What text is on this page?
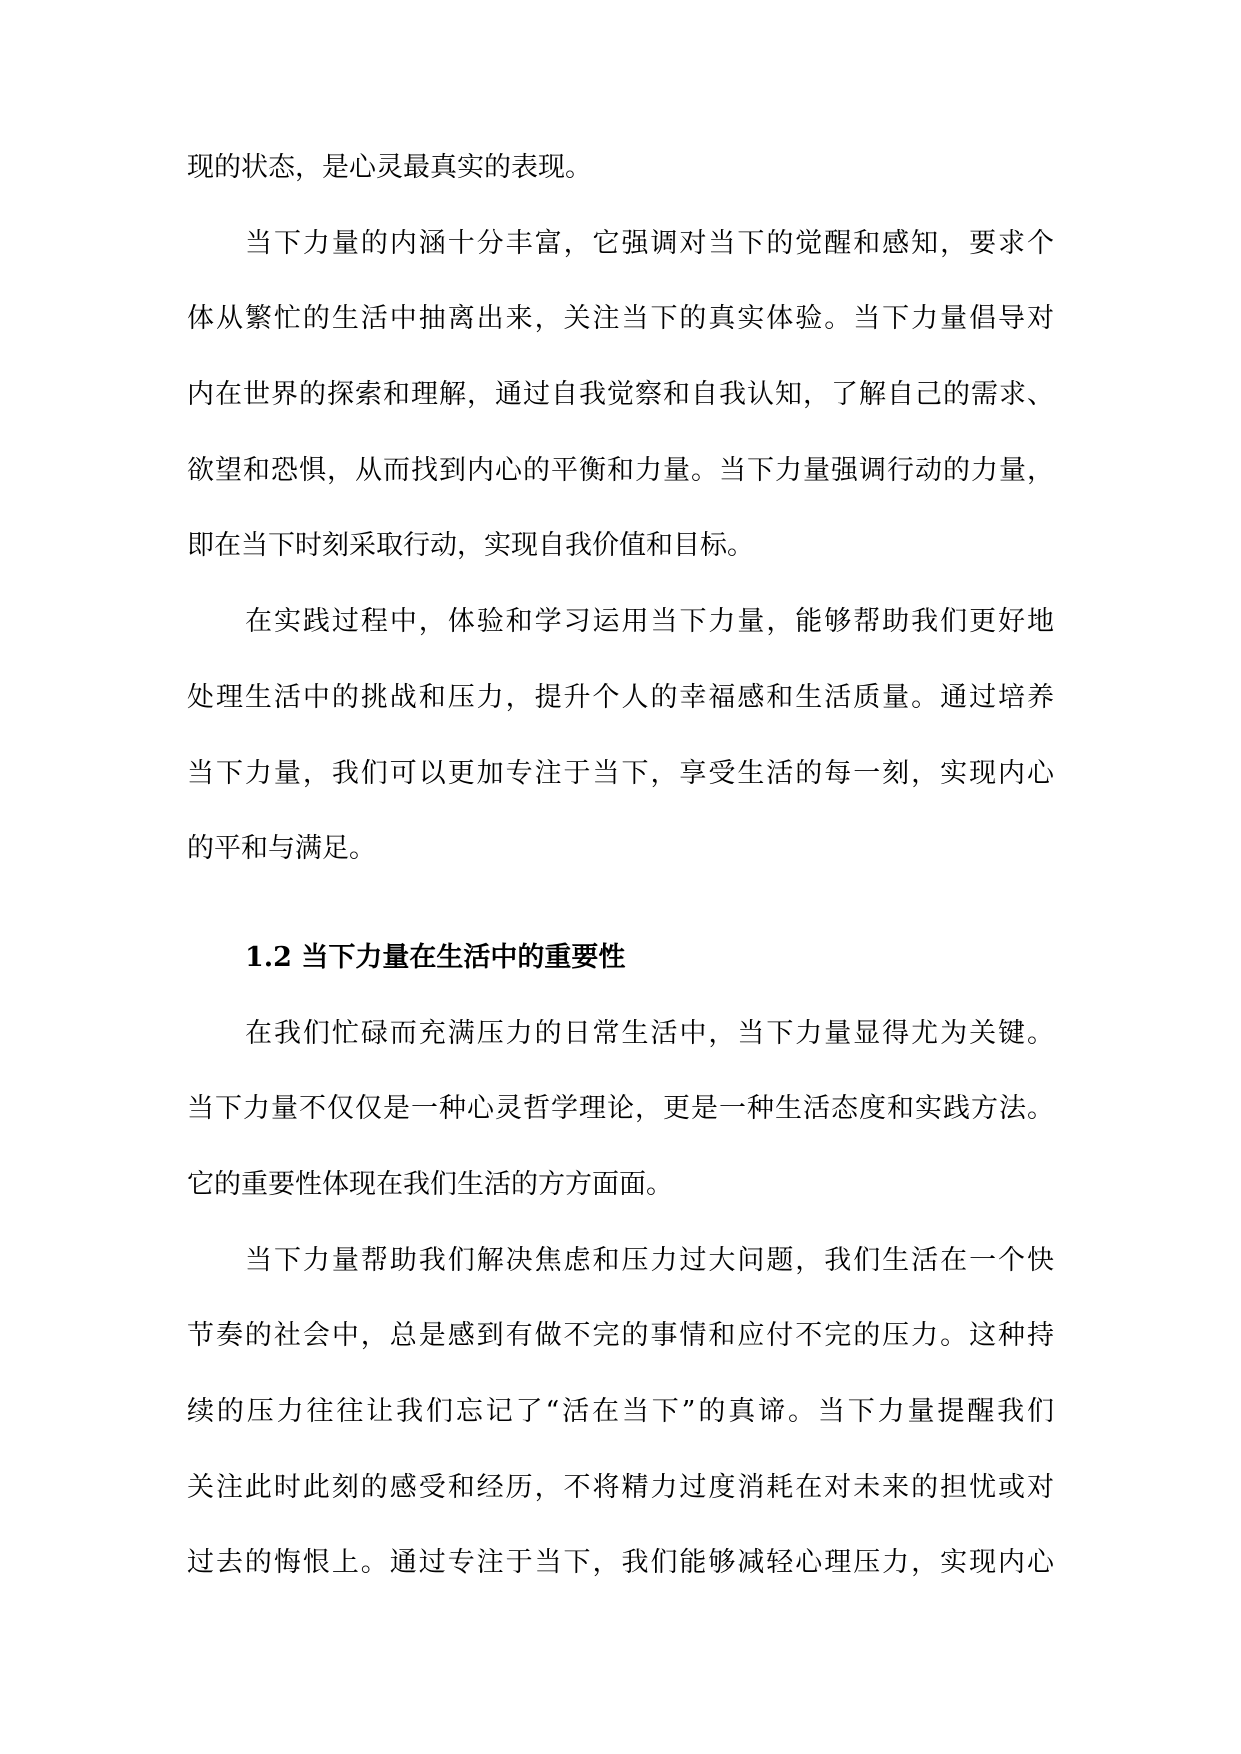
现的状态，是心灵最真实的表现。
当下力量的内涵十分丰富，它强调对当下的觉醒和感知，要求个
体从繁忙的生活中抽离出来，关注当下的真实体验。当下力量倡导对
内在世界的探索和理解，通过自我觉察和自我认知，了解自己的需求、
欲望和恐惧，从而找到内心的平衡和力量。当下力量强调行动的力量，
即在当下时刻采取行动，实现自我价值和目标。
在实践过程中，体验和学习运用当下力量，能够帮助我们更好地
处理生活中的挑战和压力，提升个人的幸福感和生活质量。通过培养
当下力量，我们可以更加专注于当下，享受生活的每一刻，实现内心
的平和与满足。
1.2 当下力量在生活中的重要性
在我们忙碌而充满压力的日常生活中，当下力量显得尤为关键。
当下力量不仅仅是一种心灵哲学理论，更是一种生活态度和实践方法。
它的重要性体现在我们生活的方方面面。
当下力量帮助我们解决焦虑和压力过大问题，我们生活在一个快
节奏的社会中，总是感到有做不完的事情和应付不完的压力。这种持
续的压力往往让我们忘记了“活在当下”的真谛。当下力量提醒我们
关注此时此刻的感受和经历，不将精力过度消耗在对未来的担忧或对
过去的悔恨上。通过专注于当下，我们能够减轻心理压力，实现内心
